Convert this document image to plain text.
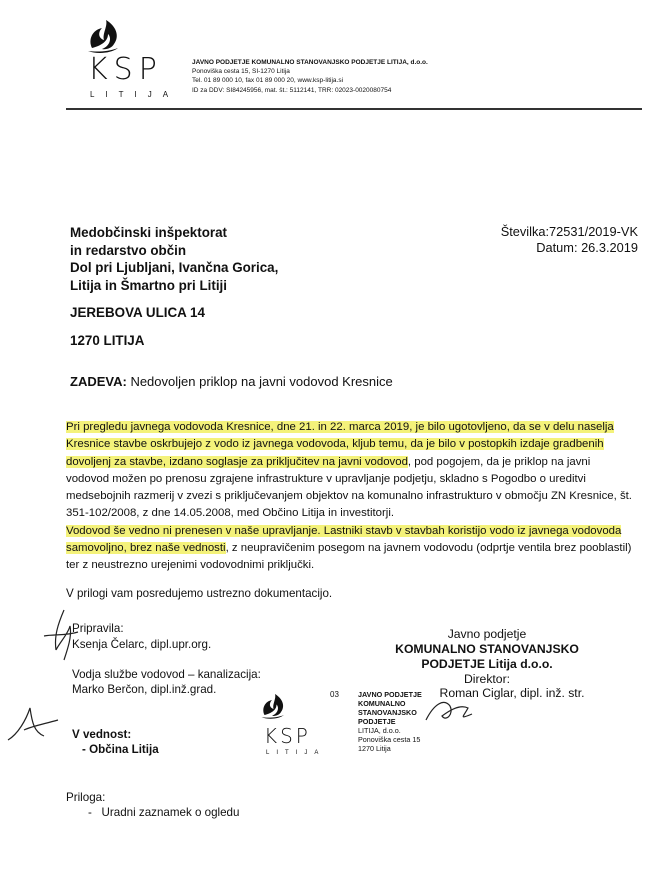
KSP
LITIJA
JAVNO PODJETJE KOMUNALNO STANOVANJSKO PODJETJE LITIJA, d.o.o.
Ponoviška cesta 15, SI-1270 Litija
Tel. 01 89 000 10, fax 01 89 000 20, www.ksp-litija.si
ID za DDV: SI84245956, mat. št.: 5112141, TRR: 02023-0020080754
Medobčinski inšpektorat
in redarstvo občin
Dol pri Ljubljani, Ivančna Gorica,
Litija in Šmartno pri Litiji
Številka:72531/2019-VK
Datum: 26.3.2019
JEREBOVA ULICA 14
1270 LITIJA
ZADEVA: Nedovoljen priklop na javni vodovod Kresnice
Pri pregledu javnega vodovoda Kresnice, dne 21. in 22. marca 2019, je bilo ugotovljeno, da se v delu naselja Kresnice stavbe oskrbujejo z vodo iz javnega vodovoda, kljub temu, da je bilo v postopkih izdaje gradbenih dovoljenj za stavbe, izdano soglasje za priključitev na javni vodovod, pod pogojem, da je priklop na javni vodovod možen po prenosu zgrajene infrastrukture v upravljanje podjetju, skladno s Pogodbo o ureditvi medsebojnih razmerij v zvezi s priključevanjem objektov na komunalno infrastrukturo v območju ZN Kresnice, št. 351-102/2008, z dne 14.05.2008, med Občino Litija in investitorji.
Vodovod še vedno ni prenesen v naše upravljanje. Lastniki stavb v stavbah koristijo vodo iz javnega vodovoda samovoljno, brez naše vednosti, z neupravičenim posegom na javnem vodovodu (odprtje ventila brez pooblastil) ter z neustrezno urejenimi vodovodnimi priključki.
V prilogi vam posredujemo ustrezno dokumentacijo.
Pripravila:
Ksenja Čelarc, dipl.upr.org.
Vodja službe vodovod – kanalizacija:
Marko Berčon, dipl.inž.grad.
V vednost:
- Občina Litija
Javno podjetje
KOMUNALNO STANOVANJSKO
PODJETJE Litija d.o.o.
Direktor:
Roman Ciglar, dipl. inž. str.
KSP
LITIJA
03	JAVNO PODJETJE
KOMUNALNO
STANOVANJSKO
PODJETJE
LITIJA, d.o.o.
Ponoviška cesta 15
1270 Litija
Priloga:
-   Uradni zaznamek o ogledu
